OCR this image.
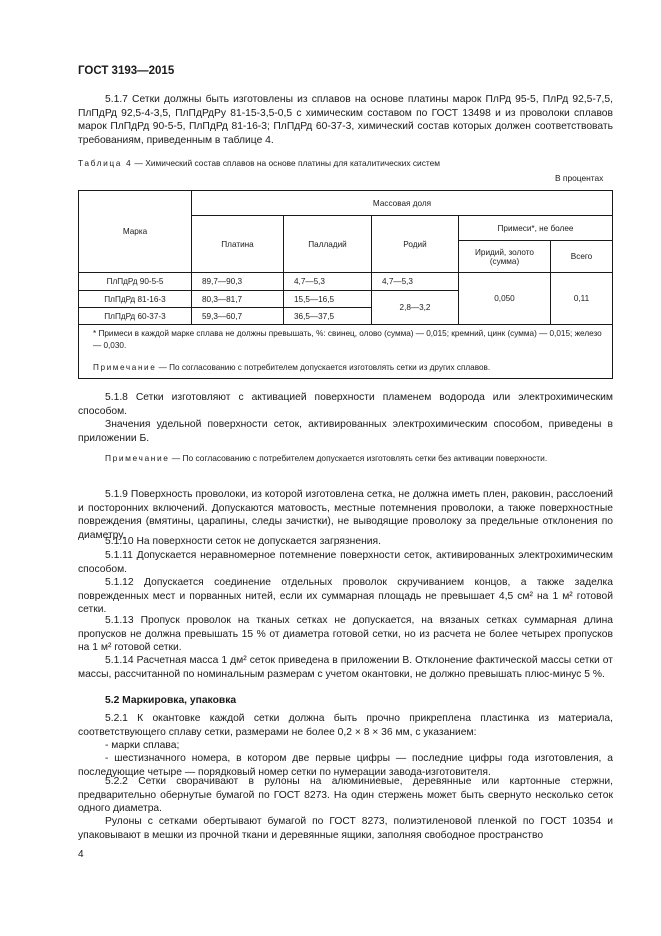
ГОСТ 3193—2015

5.1.7 Сетки должны быть изготовлены из сплавов на основе платины марок ПлРд 95-5, ПлРд 92,5-7,5, ПлПдРд 92,5-4-3,5, ПлПдРдРу 81-15-3,5-0,5 с химическим составом по ГОСТ 13498 и из проволоки сплавов марок ПлПдРд 90-5-5, ПлПдРд 81-16-3; ПлПдРд 60-37-3, химический состав которых должен соответствовать требованиям, приведенным в таблице 4.

Таблица 4 — Химический состав сплавов на основе платины для каталитических систем
В процентах
Марка	Массовая доля				
	Платина	Палладий	Родий	Примеси*, не более	
				Иридий, золото (сумма)	Всего
ПлПдРд 90-5-5	89,7—90,3	4,7—5,3	4,7—5,3	0,050	0,11
ПлПдРд 81-16-3	80,3—81,7	15,5—16,5	2,8—3,2		
ПлПдРд 60-37-3	59,3—60,7	36,5—37,5			
* Примеси в каждой марке сплава не должны превышать, %: свинец, олово (сумма) — 0,015; кремний, цинк (сумма) — 0,015; железо — 0,030.					
Примечание — По согласованию с потребителем допускается изготовлять сетки из других сплавов.					

5.1.8 Сетки изготовляют с активацией поверхности пламенем водорода или электрохимическим способом.

Значения удельной поверхности сеток, активированных электрохимическим способом, приведены в приложении Б.

Примечание — По согласованию с потребителем допускается изготовлять сетки без активации поверхности.

5.1.9 Поверхность проволоки, из которой изготовлена сетка, не должна иметь плен, раковин, расслоений и посторонних включений. Допускаются матовость, местные потемнения проволоки, а также поверхностные повреждения (вмятины, царапины, следы зачистки), не выводящие проволоку за предельные отклонения по диаметру.

5.1.10 На поверхности сеток не допускается загрязнения.

5.1.11 Допускается неравномерное потемнение поверхности сеток, активированных электрохимическим способом.

5.1.12 Допускается соединение отдельных проволок скручиванием концов, а также заделка поврежденных мест и порванных нитей, если их суммарная площадь не превышает 4,5 см² на 1 м² готовой сетки.

5.1.13 Пропуск проволок на тканых сетках не допускается, на вязаных сетках суммарная длина пропусков не должна превышать 15 % от диаметра готовой сетки, но из расчета не более четырех пропусков на 1 м² готовой сетки.

5.1.14 Расчетная масса 1 дм² сеток приведена в приложении В. Отклонение фактической массы сетки от массы, рассчитанной по номинальным размерам с учетом окантовки, не должно превышать плюс-минус 5 %.

5.2 Маркировка, упаковка

5.2.1 К окантовке каждой сетки должна быть прочно прикреплена пластинка из материала, соответствующего сплаву сетки, размерами не более 0,2 × 8 × 36 мм, с указанием:

- марки сплава;

- шестизначного номера, в котором две первые цифры — последние цифры года изготовления, а последующие четыре — порядковый номер сетки по нумерации завода-изготовителя.

5.2.2 Сетки сворачивают в рулоны на алюминиевые, деревянные или картонные стержни, предварительно обернутые бумагой по ГОСТ 8273. На один стержень может быть свернуто несколько сеток одного диаметра.

Рулоны с сетками обертывают бумагой по ГОСТ 8273, полиэтиленовой пленкой по ГОСТ 10354 и упаковывают в мешки из прочной ткани и деревянные ящики, заполняя свободное пространство

4
